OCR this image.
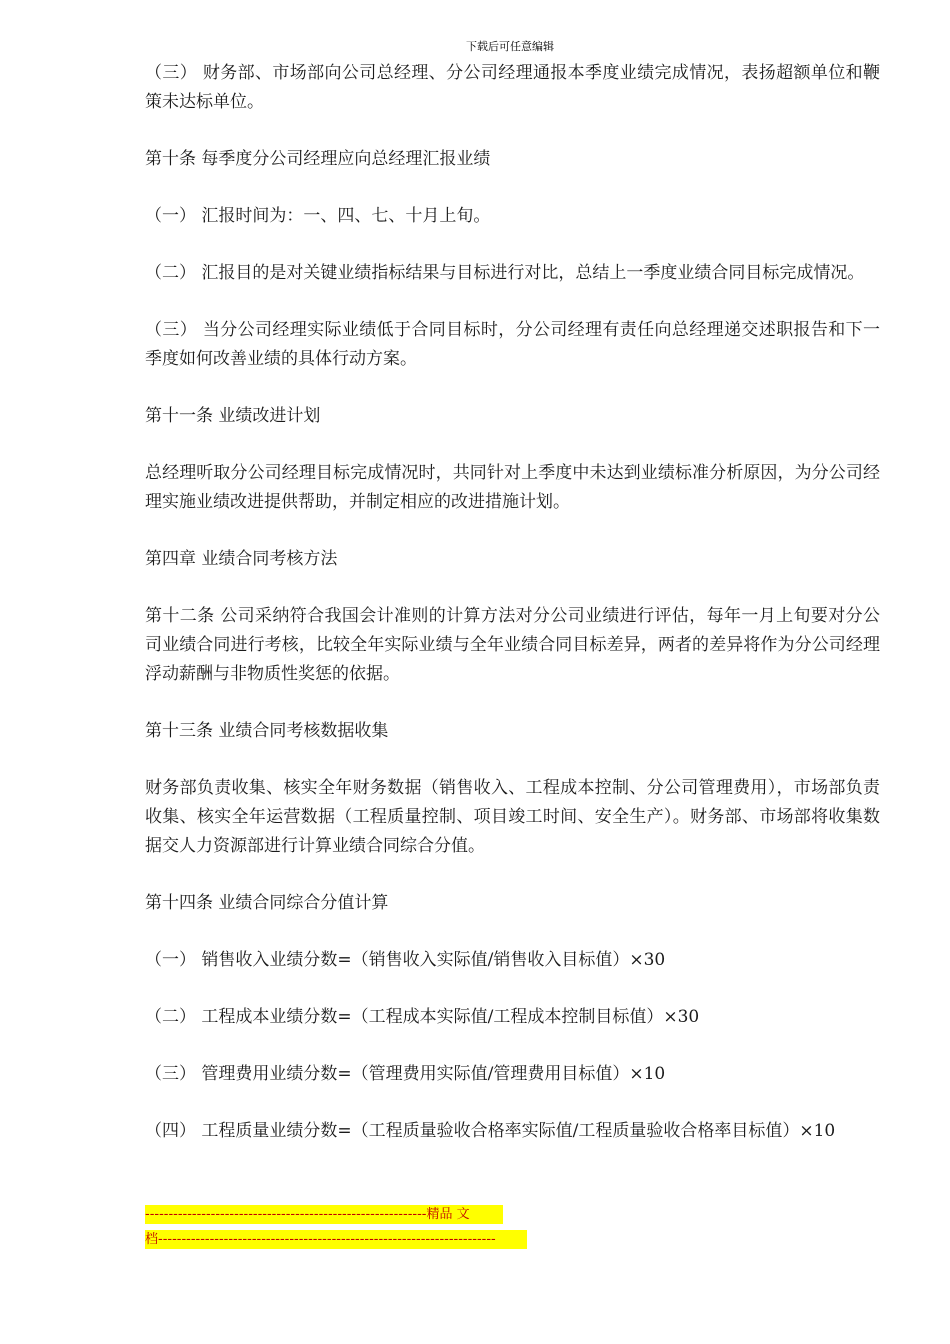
下载后可任意编辑

（三） 财务部、市场部向公司总经理、分公司经理通报本季度业绩完成情况，表扬超额单位和鞭策未达标单位。

第十条 每季度分公司经理应向总经理汇报业绩

（一） 汇报时间为：一、四、七、十月上旬。

（二） 汇报目的是对关键业绩指标结果与目标进行对比，总结上一季度业绩合同目标完成情况。

（三） 当分公司经理实际业绩低于合同目标时，分公司经理有责任向总经理递交述职报告和下一季度如何改善业绩的具体行动方案。

第十一条 业绩改进计划

总经理听取分公司经理目标完成情况时，共同针对上季度中未达到业绩标准分析原因，为分公司经理实施业绩改进提供帮助，并制定相应的改进措施计划。

第四章 业绩合同考核方法

第十二条 公司采纳符合我国会计准则的计算方法对分公司业绩进行评估，每年一月上旬要对分公司业绩合同进行考核，比较全年实际业绩与全年业绩合同目标差异，两者的差异将作为分公司经理浮动薪酬与非物质性奖惩的依据。

第十三条 业绩合同考核数据收集

财务部负责收集、核实全年财务数据（销售收入、工程成本控制、分公司管理费用），市场部负责收集、核实全年运营数据（工程质量控制、项目竣工时间、安全生产）。财务部、市场部将收集数据交人力资源部进行计算业绩合同综合分值。

第十四条 业绩合同综合分值计算

（一） 销售收入业绩分数=（销售收入实际值/销售收入目标值）×30

（二） 工程成本业绩分数=（工程成本实际值/工程成本控制目标值）×30

（三） 管理费用业绩分数=（管理费用实际值/管理费用目标值）×10

（四） 工程质量业绩分数=（工程质量验收合格率实际值/工程质量验收合格率目标值）×10

------------------------------------------------------------精品 文
档------------------------------------------------------------------------
